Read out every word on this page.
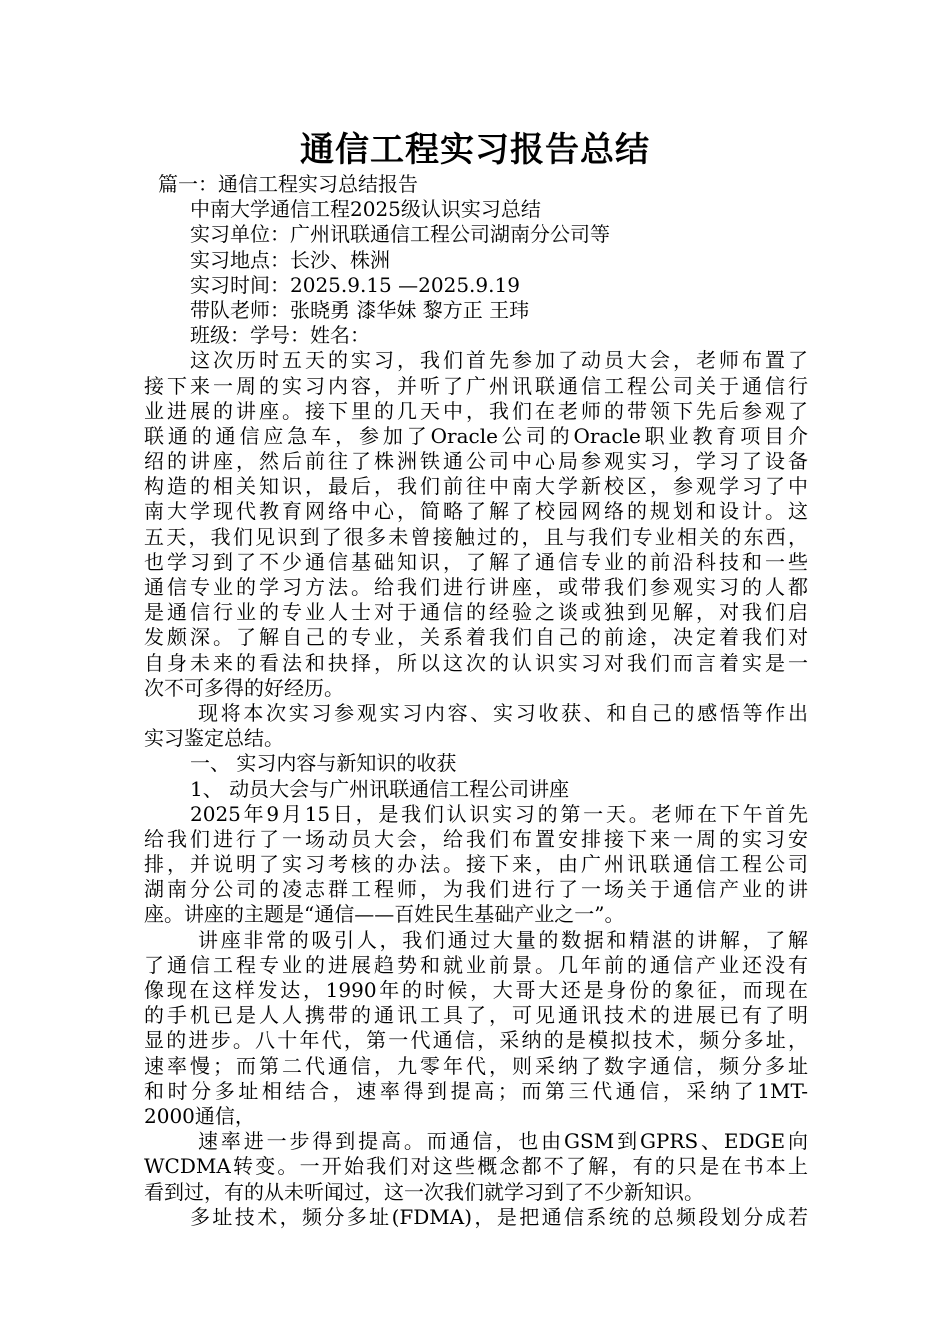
通信工程实习报告总结
篇一：通信工程实习总结报告
中南大学通信工程2025级认识实习总结
实习单位：广州讯联通信工程公司湖南分公司等
实习地点：长沙、株洲
实习时间：2025.9.15 —2025.9.19
带队老师：张晓勇 漆华妹 黎方正 王玮
班级：学号：姓名：
这次历时五天的实习，我们首先参加了动员大会，老师布置了
接下来一周的实习内容，并听了广州讯联通信工程公司关于通信行
业进展的讲座。接下里的几天中，我们在老师的带领下先后参观了
联通的通信应急车，参加了Oracle公司的Oracle职业教育项目介
绍的讲座，然后前往了株洲铁通公司中心局参观实习，学习了设备
构造的相关知识，最后，我们前往中南大学新校区，参观学习了中
南大学现代教育网络中心，简略了解了校园网络的规划和设计。这
五天，我们见识到了很多未曾接触过的，且与我们专业相关的东西，
也学习到了不少通信基础知识，了解了通信专业的前沿科技和一些
通信专业的学习方法。给我们进行讲座，或带我们参观实习的人都
是通信行业的专业人士对于通信的经验之谈或独到见解，对我们启
发颇深。了解自己的专业，关系着我们自己的前途，决定着我们对
自身未来的看法和抉择，所以这次的认识实习对我们而言着实是一
次不可多得的好经历。
现将本次实习参观实习内容、实习收获、和自己的感悟等作出
实习鉴定总结。
一、 实习内容与新知识的收获
1、 动员大会与广州讯联通信工程公司讲座
2025年9月15日，是我们认识实习的第一天。老师在下午首先
给我们进行了一场动员大会，给我们布置安排接下来一周的实习安
排，并说明了实习考核的办法。接下来，由广州讯联通信工程公司
湖南分公司的凌志群工程师，为我们进行了一场关于通信产业的讲
座。讲座的主题是“通信——百姓民生基础产业之一”。
讲座非常的吸引人，我们通过大量的数据和精湛的讲解，了解
了通信工程专业的进展趋势和就业前景。几年前的通信产业还没有
像现在这样发达，1990年的时候，大哥大还是身份的象征，而现在
的手机已是人人携带的通讯工具了，可见通讯技术的进展已有了明
显的进步。八十年代，第一代通信，采纳的是模拟技术，频分多址，
速率慢；而第二代通信，九零年代，则采纳了数字通信，频分多址
和时分多址相结合，速率得到提高；而第三代通信，采纳了1MT-
2000通信，
速率进一步得到提高。而通信，也由GSM到GPRS、EDGE向
WCDMA转变。一开始我们对这些概念都不了解，有的只是在书本上
看到过，有的从未听闻过，这一次我们就学习到了不少新知识。
多址技术，频分多址(FDMA)，是把通信系统的总频段划分成若
